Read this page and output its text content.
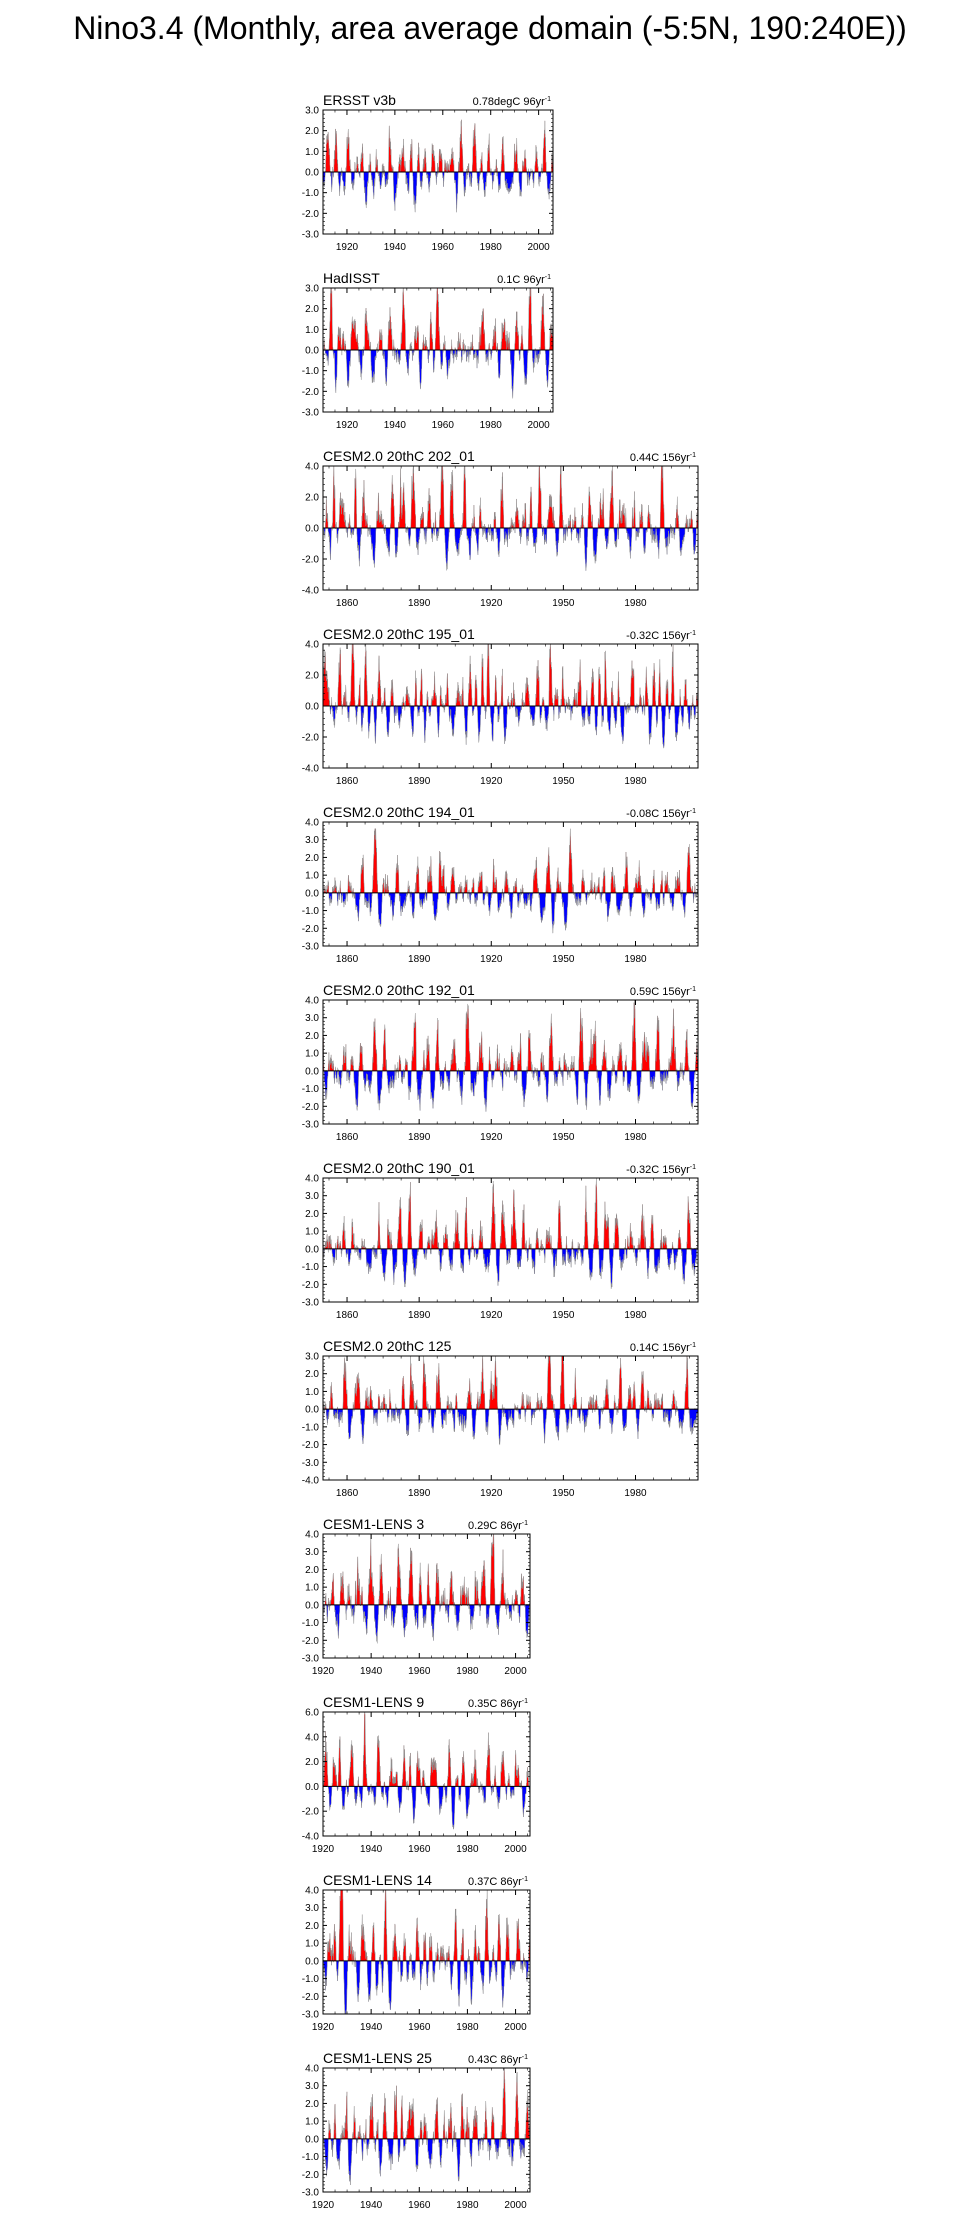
Nino3.4 (Monthly, area average domain (-5:5N, 190:240E))
ERSST v3b	0.78degC $96yr^{-1}$
-3.0
-2.0
-1.0
0.0
1.0
2.0
3.0
1920	1940	1960	1980	2000
HadISST	0.1C $96yr^{-1}$
-3.0
-2.0
-1.0
0.0
1.0
2.0
3.0
1920	1940	1960	1980	2000
CESM2.0 20thC 202_01	0.44C $156yr^{-1}$
-4.0
-2.0
0.0
2.0
4.0
1860	1890	1920	1950	1980
CESM2.0 20thC 195_01	-0.32C $156yr^{-1}$
-4.0
-2.0
0.0
2.0
4.0
1860	1890	1920	1950	1980
CESM2.0 20thC 194_01	-0.08C $156yr^{-1}$
-3.0
-2.0
-1.0
0.0
1.0
2.0
3.0
4.0
1860	1890	1920	1950	1980
CESM2.0 20thC 192_01	0.59C $156yr^{-1}$
-3.0
-2.0
-1.0
0.0
1.0
2.0
3.0
4.0
1860	1890	1920	1950	1980
CESM2.0 20thC 190_01	-0.32C $156yr^{-1}$
-3.0
-2.0
-1.0
0.0
1.0
2.0
3.0
4.0
1860	1890	1920	1950	1980
CESM2.0 20thC 125	0.14C $156yr^{-1}$
-4.0
-3.0
-2.0
-1.0
0.0
1.0
2.0
3.0
1860	1890	1920	1950	1980
CESM1-LENS 3	0.29C $86yr^{-1}$
-3.0
-2.0
-1.0
0.0
1.0
2.0
3.0
4.0
1920	1940	1960	1980	2000
CESM1-LENS 9	0.35C $86yr^{-1}$
-4.0
-2.0
0.0
2.0
4.0
6.0
1920	1940	1960	1980	2000
CESM1-LENS 14	0.37C $86yr^{-1}$
-3.0
-2.0
-1.0
0.0
1.0
2.0
3.0
4.0
1920	1940	1960	1980	2000
CESM1-LENS 25	0.43C $86yr^{-1}$
-3.0
-2.0
-1.0
0.0
1.0
2.0
3.0
4.0
1920	1940	1960	1980	2000
